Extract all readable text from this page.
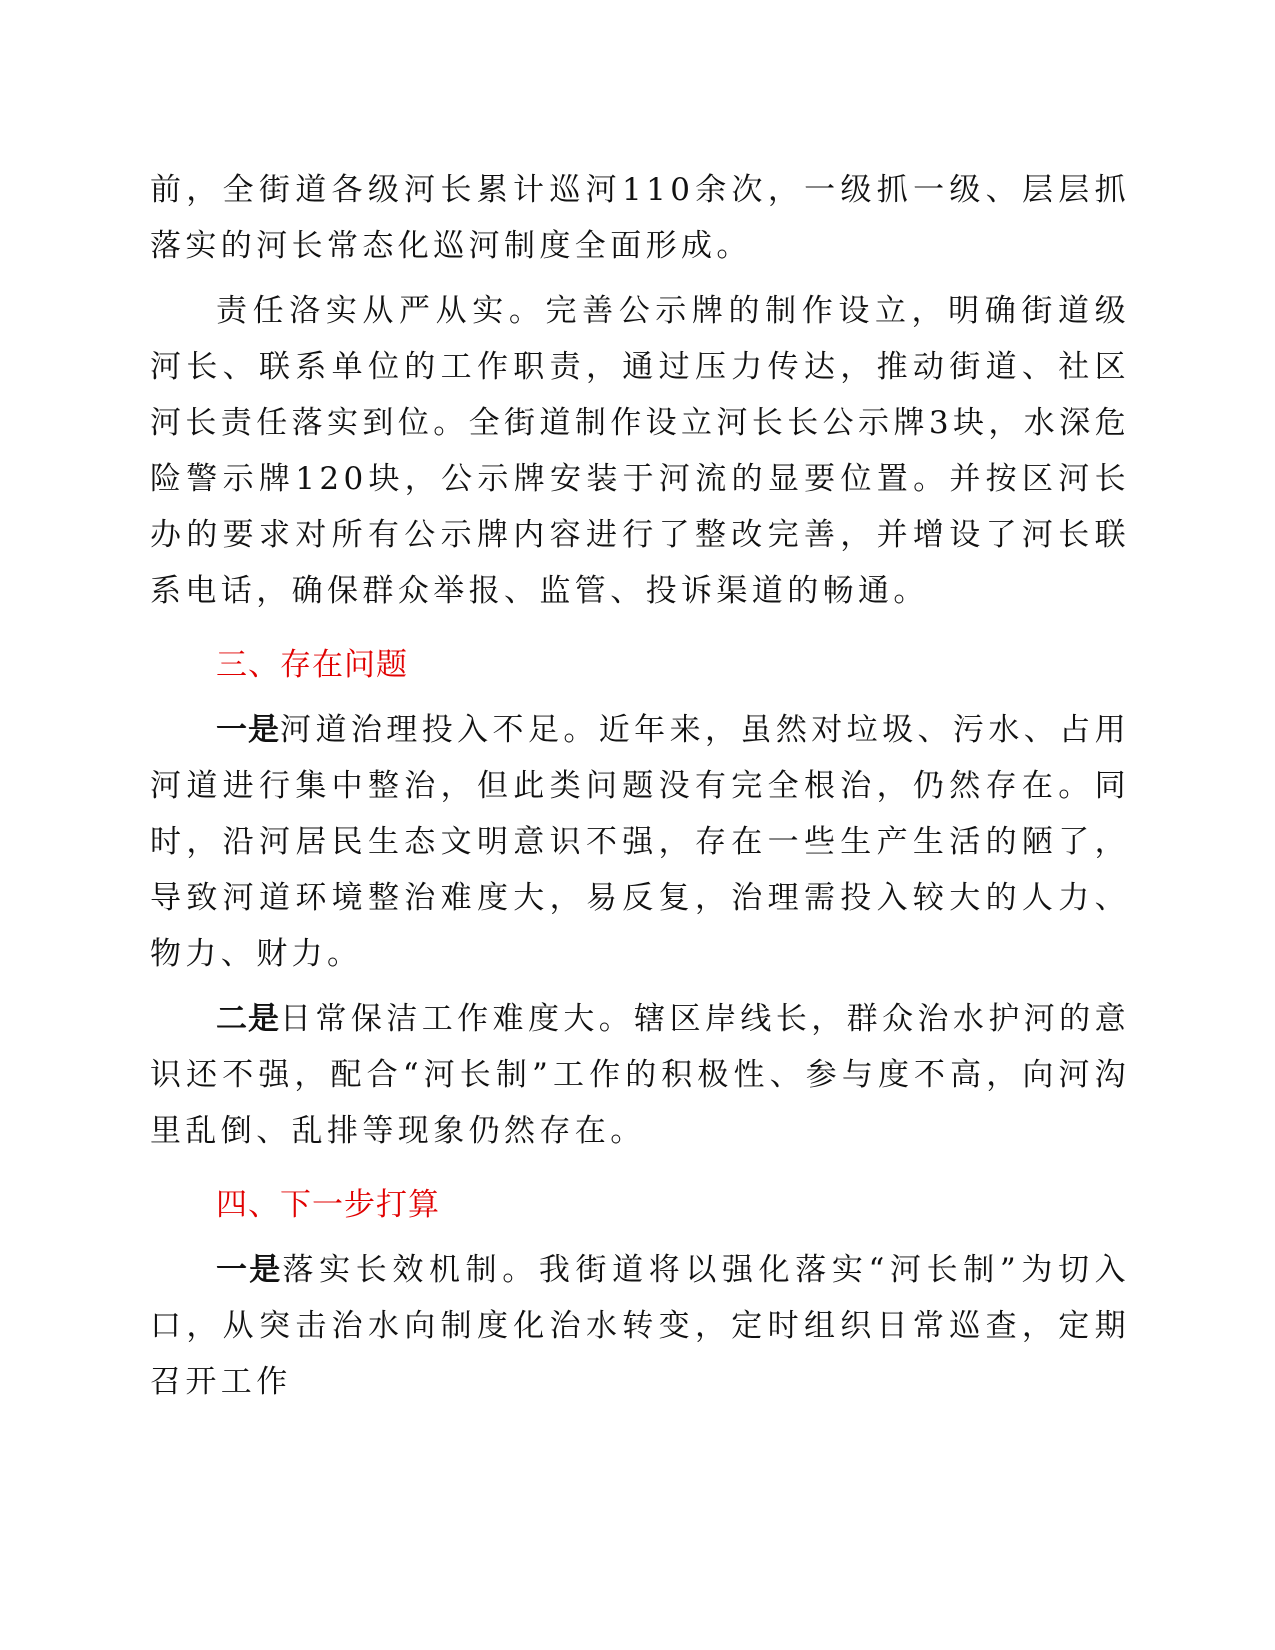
前，全街道各级河长累计巡河110余次，一级抓一级、层层抓落实的河长常态化巡河制度全面形成。

责任洛实从严从实。完善公示牌的制作设立，明确街道级河长、联系单位的工作职责，通过压力传达，推动街道、社区河长责任落实到位。全街道制作设立河长长公示牌3块，水深危险警示牌120块，公示牌安装于河流的显要位置。并按区河长办的要求对所有公示牌内容进行了整改完善，并增设了河长联系电话，确保群众举报、监管、投诉渠道的畅通。

三、存在问题

一是河道治理投入不足。近年来，虽然对垃圾、污水、占用河道进行集中整治，但此类问题没有完全根治，仍然存在。同时，沿河居民生态文明意识不强，存在一些生产生活的陋了，导致河道环境整治难度大，易反复，治理需投入较大的人力、物力、财力。

二是日常保洁工作难度大。辖区岸线长，群众治水护河的意识还不强，配合“河长制”工作的积极性、参与度不高，向河沟里乱倒、乱排等现象仍然存在。

四、下一步打算

一是落实长效机制。我街道将以强化落实“河长制”为切入口，从突击治水向制度化治水转变，定时组织日常巡查，定期召开工作
